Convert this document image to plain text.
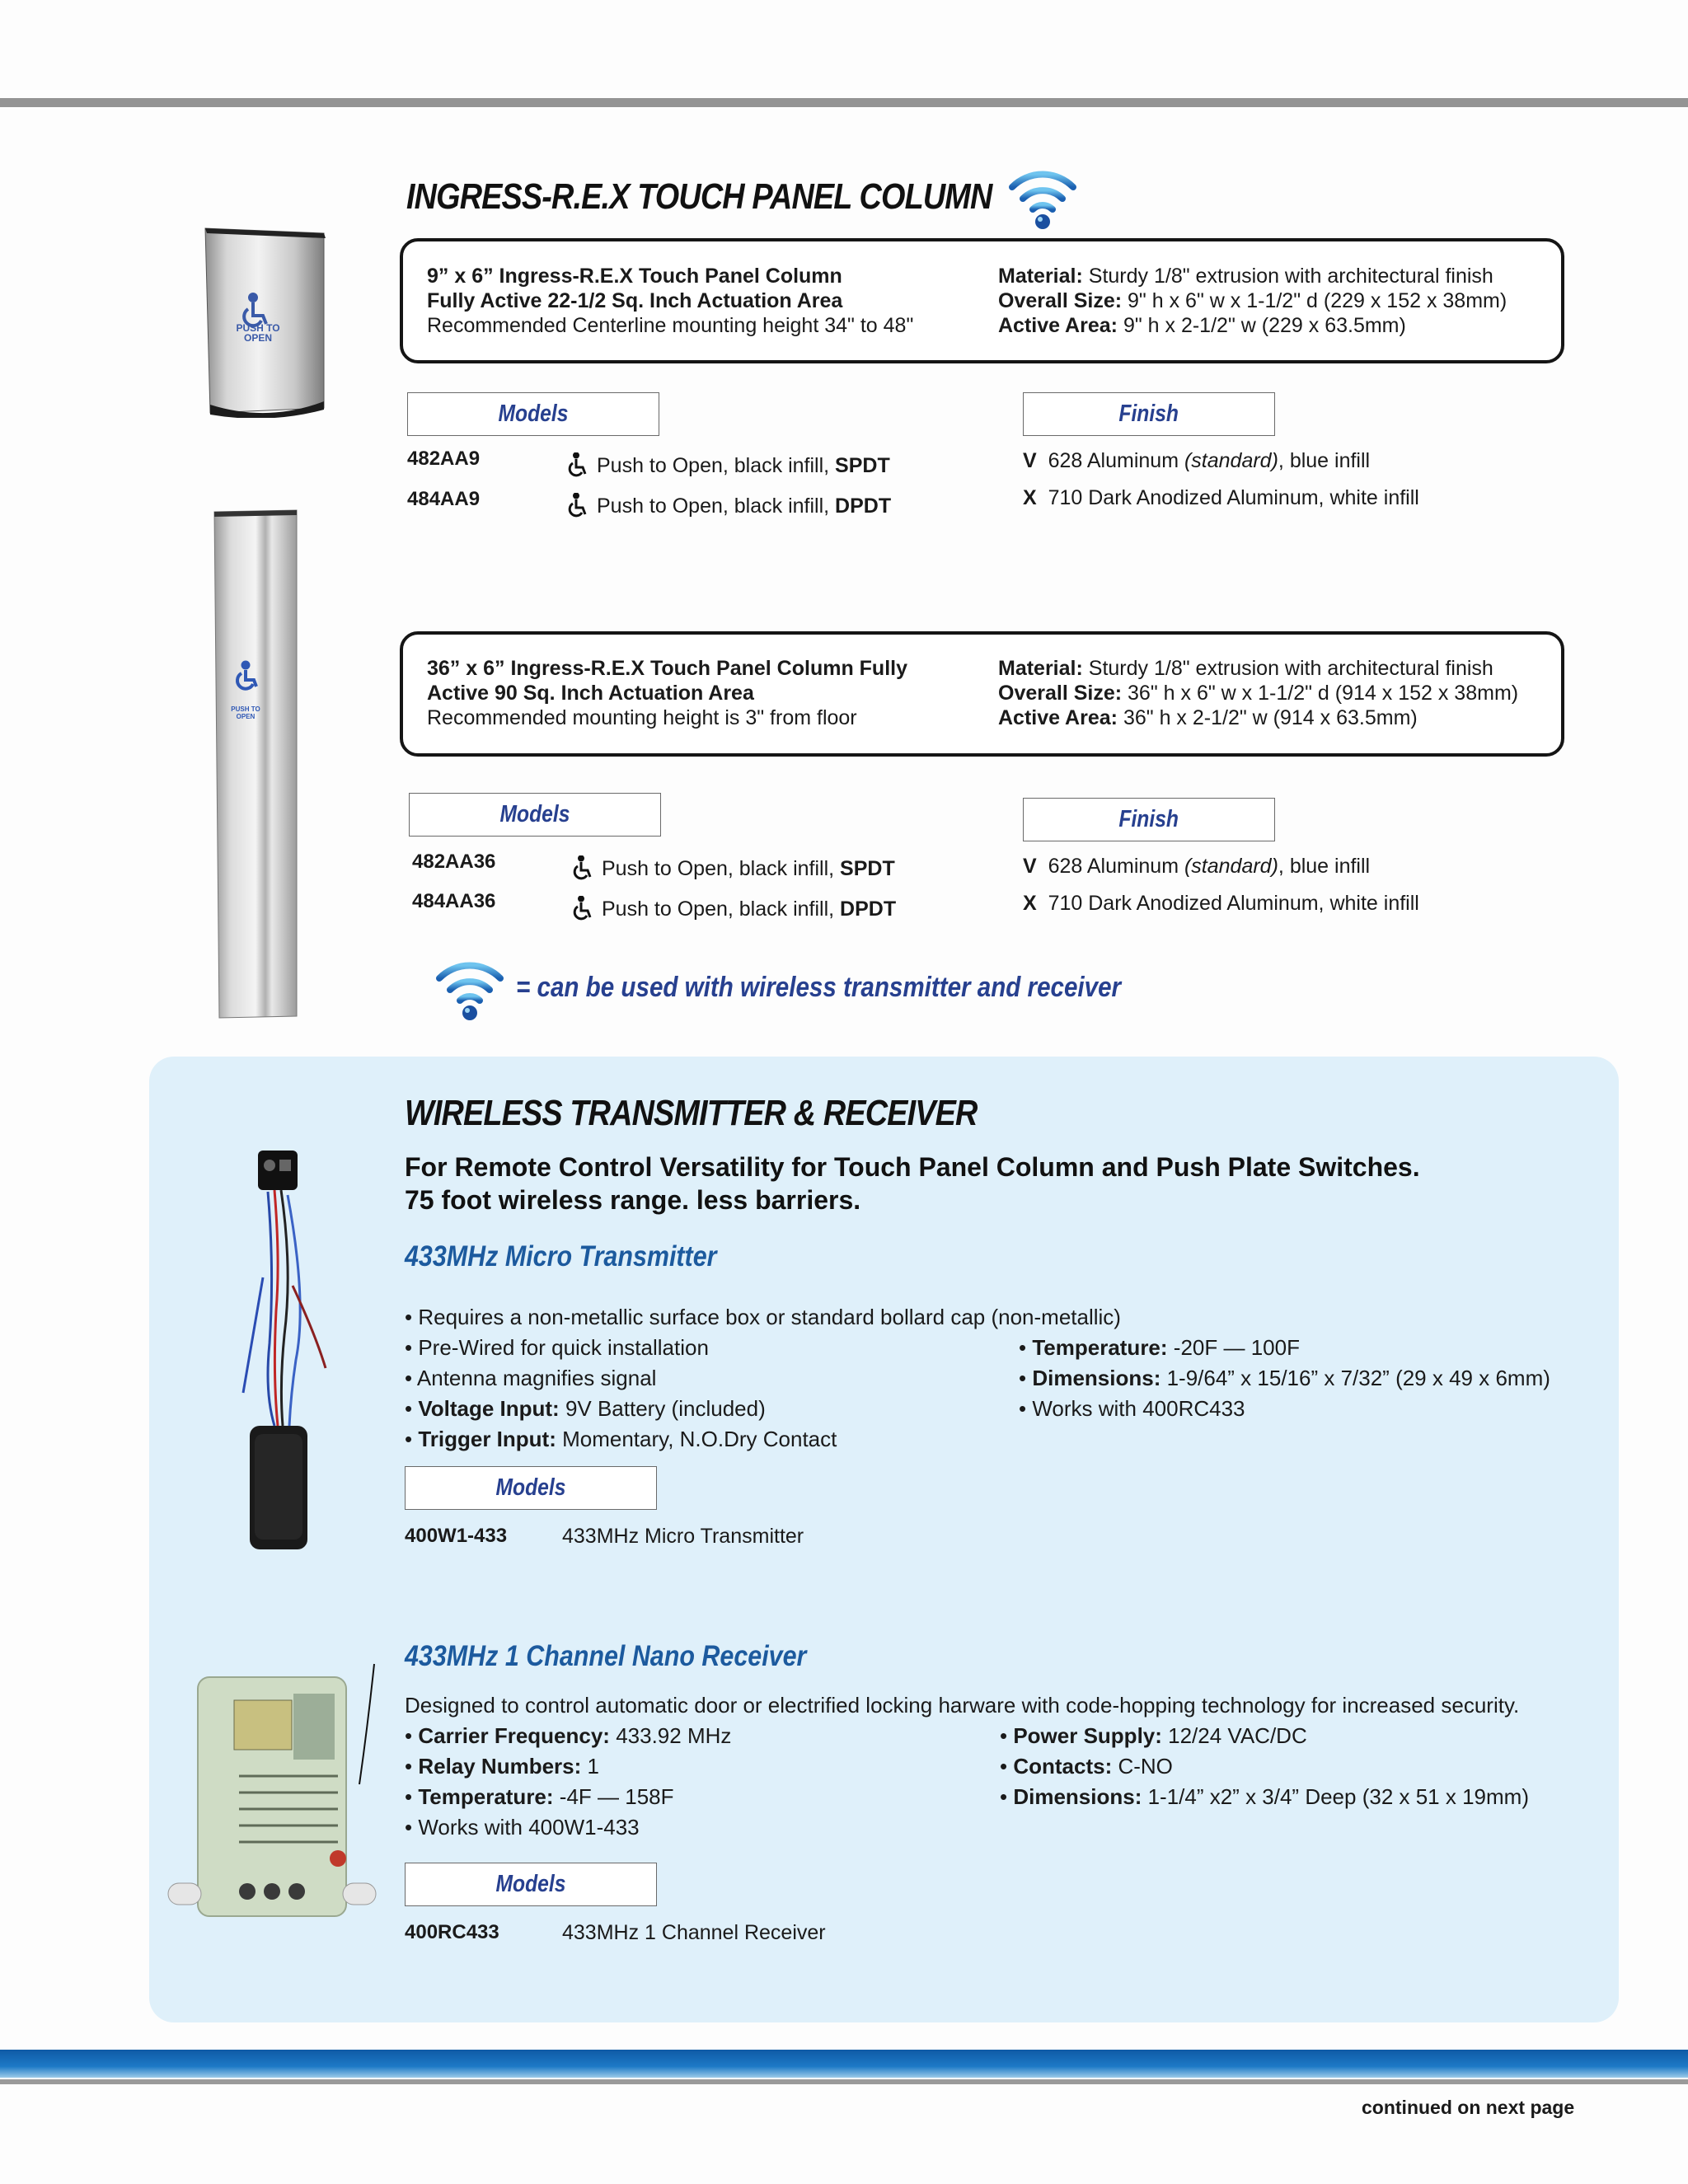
INGRESS-R.E.X TOUCH PANEL COLUMN
PUSH TO OPEN
9” x 6” Ingress-R.E.X Touch Panel Column
Fully Active 22-1/2 Sq. Inch Actuation Area
Recommended Centerline mounting height 34" to 48"
Material: Sturdy 1/8" extrusion with architectural finish
Overall Size: 9" h x 6" w x 1-1/2" d (229 x 152 x 38mm)
Active Area: 9" h x 2-1/2" w (229 x 63.5mm)
Models	Finish
482AA9	Push to Open, black infill, SPDT
484AA9	Push to Open, black infill, DPDT
V 628 Aluminum (standard), blue infill
X 710 Dark Anodized Aluminum, white infill
PUSH TO OPEN
36” x 6” Ingress-R.E.X Touch Panel Column Fully
Active 90 Sq. Inch Actuation Area
Recommended mounting height is 3" from floor
Material: Sturdy 1/8" extrusion with architectural finish
Overall Size: 36" h x 6" w x 1-1/2" d (914 x 152 x 38mm)
Active Area: 36" h x 2-1/2" w (914 x 63.5mm)
Models	Finish
482AA36	Push to Open, black infill, SPDT
484AA36	Push to Open, black infill, DPDT
V 628 Aluminum (standard), blue infill
X 710 Dark Anodized Aluminum, white infill
= can be used with wireless transmitter and receiver
WIRELESS TRANSMITTER & RECEIVER
For Remote Control Versatility for Touch Panel Column and Push Plate Switches.
75 foot wireless range. less barriers.
433MHz Micro Transmitter
• Requires a non-metallic surface box or standard bollard cap (non-metallic)
• Pre-Wired for quick installation
• Antenna magnifies signal
• Voltage Input: 9V Battery (included)
• Trigger Input: Momentary, N.O.Dry Contact
• Temperature: -20F — 100F
• Dimensions: 1-9/64” x 15/16” x 7/32” (29 x 49 x 6mm)
• Works with 400RC433
Models
400W1-433	433MHz Micro Transmitter
433MHz 1 Channel Nano Receiver
Designed to control automatic door or electrified locking harware with code-hopping technology for increased security.
• Carrier Frequency: 433.92 MHz
• Relay Numbers: 1
• Temperature: -4F — 158F
• Works with 400W1-433
• Power Supply: 12/24 VAC/DC
• Contacts: C-NO
• Dimensions: 1-1/4” x2” x 3/4” Deep (32 x 51 x 19mm)
Models
400RC433	433MHz 1 Channel Receiver
continued on next page
